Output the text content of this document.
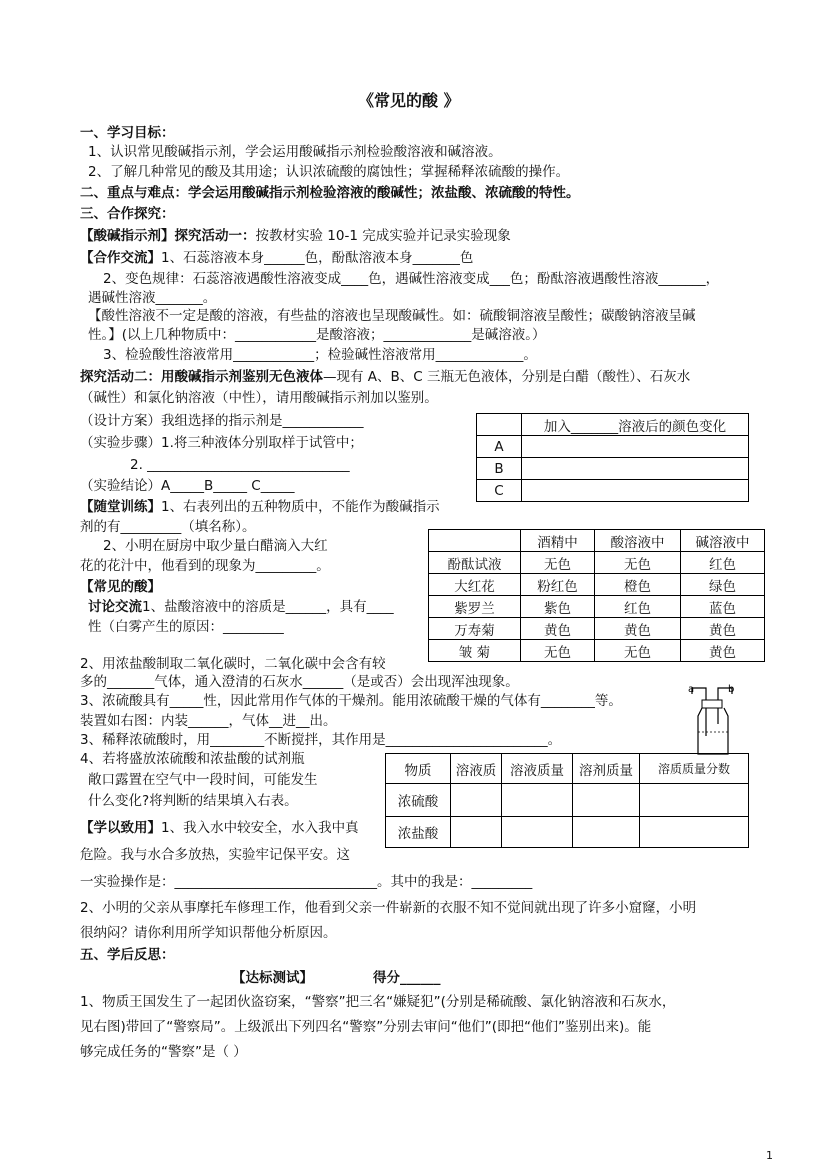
《常见的酸 》
一、学习目标：
1、认识常见酸碱指示剂，学会运用酸碱指示剂检验酸溶液和碱溶液。
2、了解几种常见的酸及其用途；认识浓硫酸的腐蚀性；掌握稀释浓硫酸的操作。
二、重点与难点：学会运用酸碱指示剂检验溶液的酸碱性；浓盐酸、浓硫酸的特性。
三、合作探究：
【酸碱指示剂】探究活动一：按教材实验 10-1 完成实验并记录实验现象
【合作交流】1、石蕊溶液本身______色，酚酞溶液本身_______色
2、变色规律：石蕊溶液遇酸性溶液变成____色，遇碱性溶液变成___色；酚酞溶液遇酸性溶液_______，
遇碱性溶液_______。
【酸性溶液不一定是酸的溶液，有些盐的溶液也呈现酸碱性。如：硫酸铜溶液呈酸性；碳酸钠溶液呈碱
性。】(以上几种物质中：____________是酸溶液；_____________是碱溶液。）
3、检验酸性溶液常用____________；检验碱性溶液常用_____________。
探究活动二：用酸碱指示剂鉴别无色液体—现有 A、B、C 三瓶无色液体，分别是白醋（酸性）、石灰水
（碱性）和氯化钠溶液（中性），请用酸碱指示剂加以鉴别。
（设计方案）我组选择的指示剂是____________
（实验步骤）1.将三种液体分别取样于试管中；
2. ______________________________
（实验结论）A_____B_____ C_____
	加入_______溶液后的颜色变化
A	
B	
C	
【随堂训练】1、右表列出的五种物质中，不能作为酸碱指示
剂的有_________（填名称）。
2、小明在厨房中取少量白醋滴入大红
花的花汁中，他看到的现象为_________。
【常见的酸】
讨论交流1、盐酸溶液中的溶质是______，具有____
性（白雾产生的原因：_________
	酒精中	酸溶液中	碱溶液中
酚酞试液	无色	无色	红色
大红花	粉红色	橙色	绿色
紫罗兰	紫色	红色	蓝色
万寿菊	黄色	黄色	黄色
皱 菊	无色	无色	黄色
2、用浓盐酸制取二氧化碳时，二氧化碳中会含有较
多的_______气体，通入澄清的石灰水______（是或否）会出现浑浊现象。
3、浓硫酸具有_____性，因此常用作气体的干燥剂。能用浓硫酸干燥的气体有________等。
装置如右图：内装______，气体__进__出。
3、稀释浓硫酸时，用________不断搅拌，其作用是________________________。
a	b
4、若将盛放浓硫酸和浓盐酸的试剂瓶
敞口露置在空气中一段时间，可能发生
什么变化?将判断的结果填入右表。
物质	溶液质	溶液质量	溶剂质量	溶质质量分数
浓硫酸				
浓盐酸				
【学以致用】1、我入水中较安全，水入我中真
危险。我与水合多放热，实验牢记保平安。这
一实验操作是：______________________________。其中的我是：_________
2、小明的父亲从事摩托车修理工作，他看到父亲一件崭新的衣服不知不觉间就出现了许多小窟窿，小明
很纳闷？请你利用所学知识帮他分析原因。
五、学后反思：
【达标测试】	得分______
1、物质王国发生了一起团伙盗窃案，“警察”把三名“嫌疑犯”(分别是稀硫酸、氯化钠溶液和石灰水，
见右图)带回了“警察局”。上级派出下列四名“警察”分别去审问“他们”(即把“他们”鉴别出来)。能
够完成任务的“警察”是（ ）
1
